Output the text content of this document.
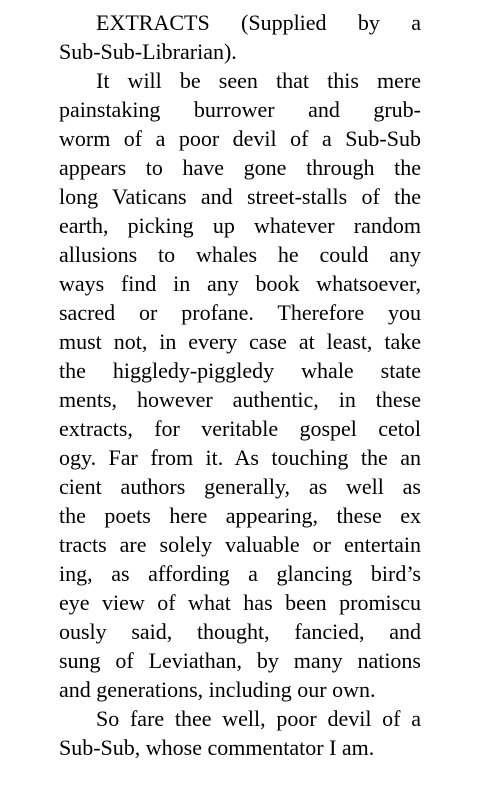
EXTRACTS (Supplied by a
Sub-Sub-Librarian).
It will be seen that this mere
painstaking burrower and grub-
worm of a poor devil of a Sub-Sub
appears to have gone through the
long Vaticans and street-stalls of the
earth, picking up whatever random
allusions to whales he could any
ways find in any book whatsoever,
sacred or profane. Therefore you
must not, in every case at least, take
the higgledy-piggledy whale state
ments, however authentic, in these
extracts, for veritable gospel cetol
ogy. Far from it. As touching the an
cient authors generally, as well as
the poets here appearing, these ex
tracts are solely valuable or entertain
ing, as affording a glancing bird’s
eye view of what has been promiscu
ously said, thought, fancied, and
sung of Leviathan, by many nations
and generations, including our own.
So fare thee well, poor devil of a
Sub-Sub, whose commentator I am.
